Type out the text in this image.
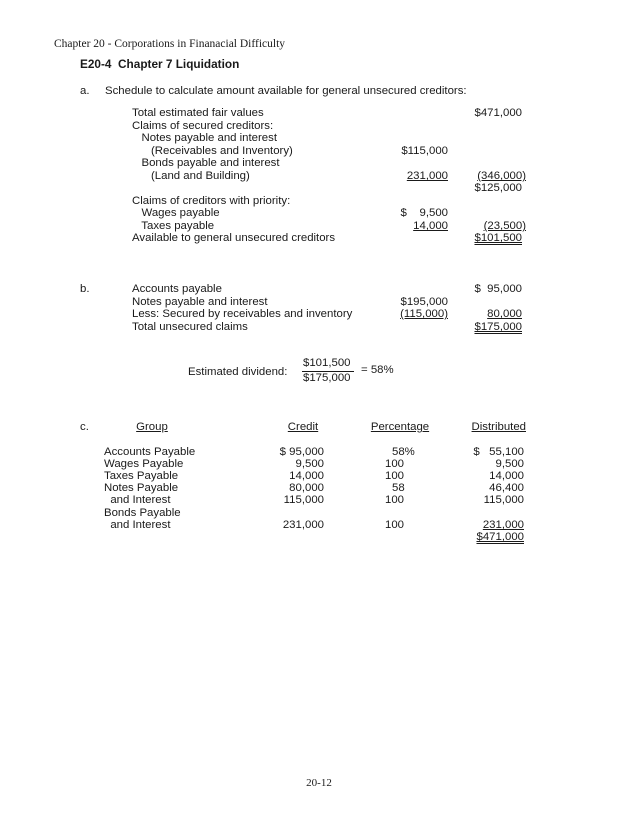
Chapter 20 - Corporations in Finanacial Difficulty
E20-4  Chapter 7 Liquidation
a. Schedule to calculate amount available for general unsecured creditors:
Total estimated fair values	$471,000
Claims of secured creditors:
Notes payable and interest
(Receivables and Inventory)	$115,000
Bonds payable and interest
(Land and Building)	231,000	(346,000)
$125,000
Claims of creditors with priority:
Wages payable	$    9,500
Taxes payable	14,000	(23,500)
Available to general unsecured creditors	$101,500
b.	Accounts payable	$  95,000
Notes payable and interest	$195,000
Less: Secured by receivables and inventory	(115,000)	80,000
Total unsecured claims	$175,000
Estimated dividend:
$101,500
$175,000
= 58%
c.	Group	Credit	Percentage	Distributed
Accounts Payable	$ 95,000	58%	$   55,100
Wages Payable	9,500	100	9,500
Taxes Payable	14,000	100	14,000
Notes Payable	80,000	58	46,400
and Interest	115,000	100	115,000
Bonds Payable
and Interest	231,000	100	231,000
$471,000
20-12
